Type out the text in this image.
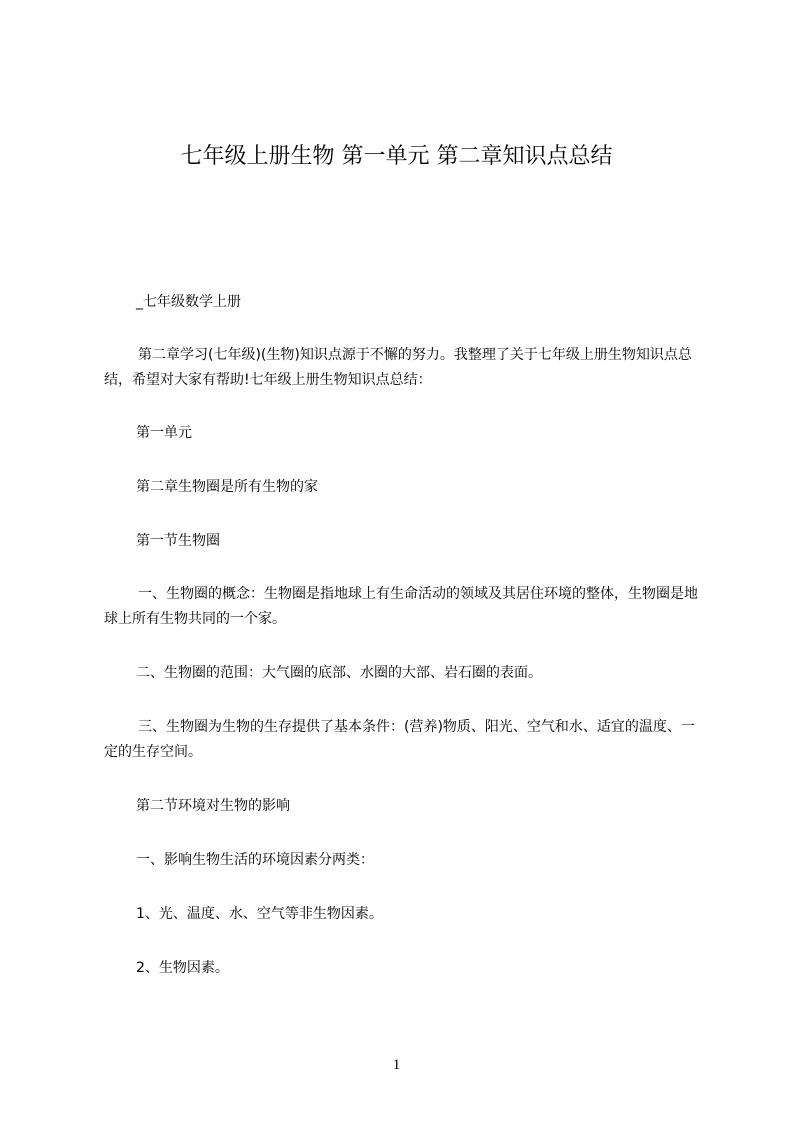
七年级上册生物 第一单元 第二章知识点总结

_七年级数学上册

第二章学习(七年级)(生物)知识点源于不懈的努力。我整理了关于七年级上册生物知识点总结，希望对大家有帮助!七年级上册生物知识点总结：

第一单元

第二章生物圈是所有生物的家

第一节生物圈

一、生物圈的概念：生物圈是指地球上有生命活动的领域及其居住环境的整体，生物圈是地球上所有生物共同的一个家。

二、生物圈的范围：大气圈的底部、水圈的大部、岩石圈的表面。

三、生物圈为生物的生存提供了基本条件：(营养)物质、阳光、空气和水、适宜的温度、一定的生存空间。

第二节环境对生物的影响

一、影响生物生活的环境因素分两类：

1、光、温度、水、空气等非生物因素。

2、生物因素。

1
